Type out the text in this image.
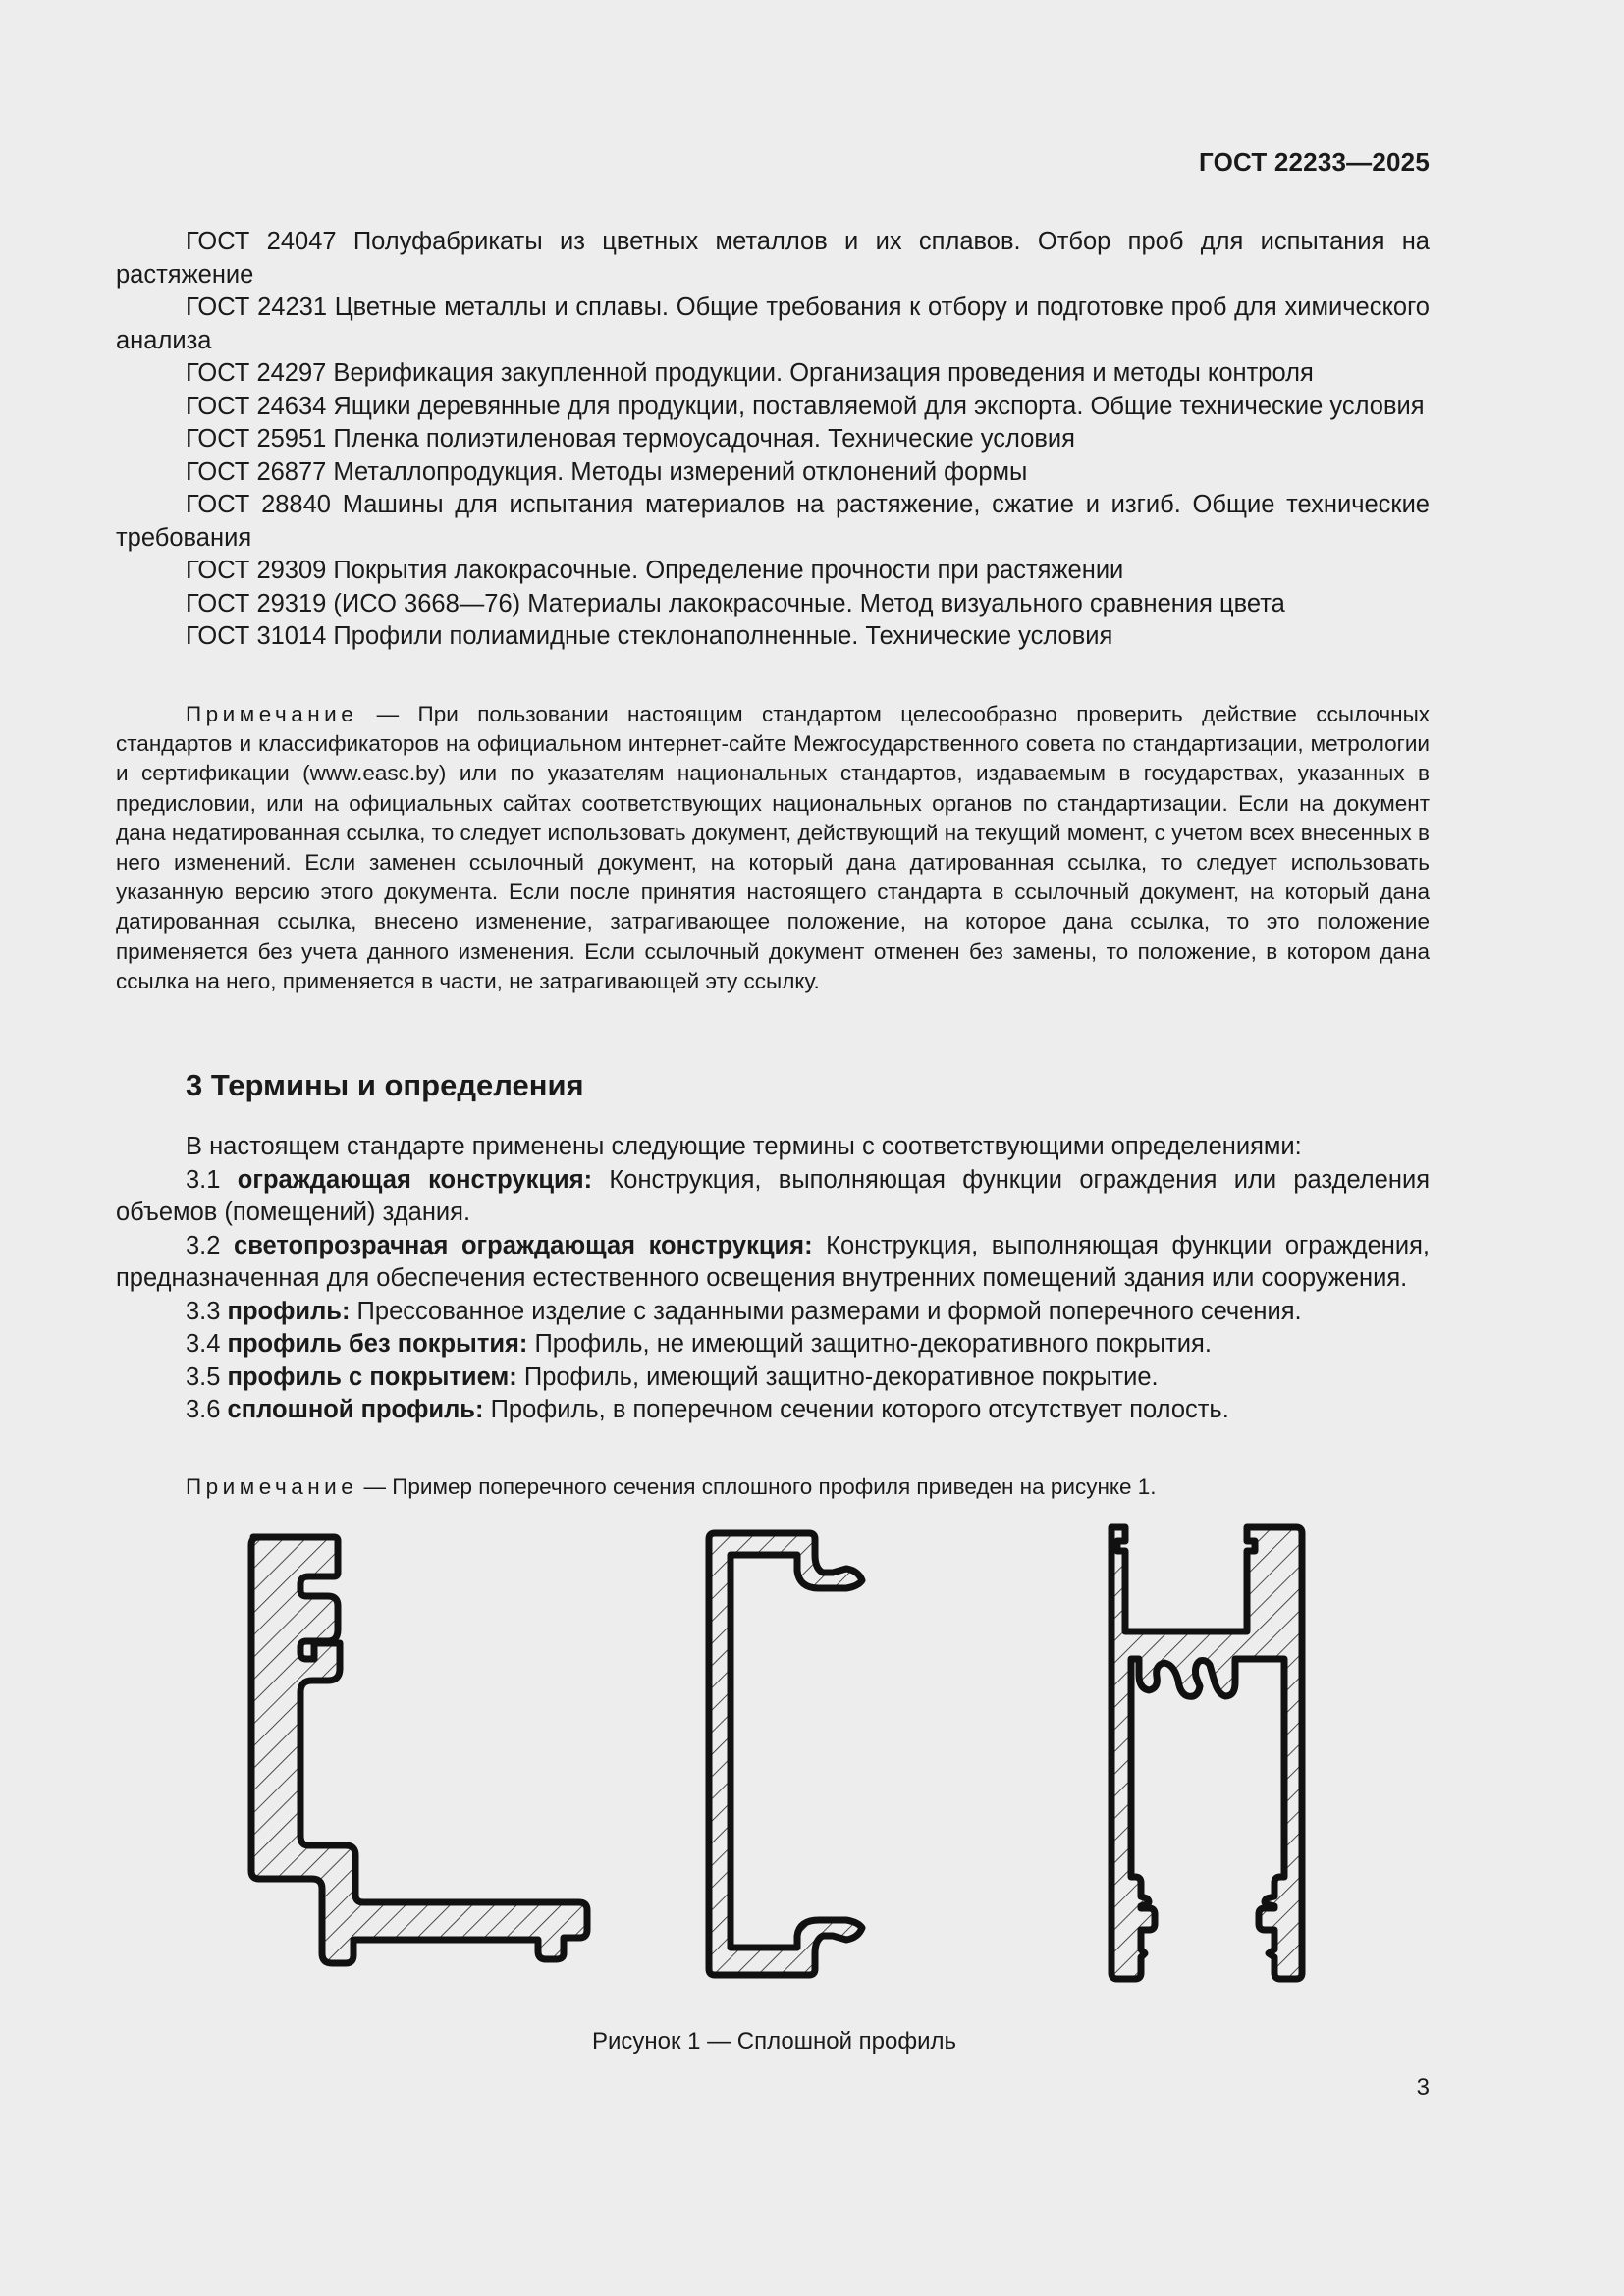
ГОСТ 22233—2025

ГОСТ 24047 Полуфабрикаты из цветных металлов и их сплавов. Отбор проб для испытания на растяжение

ГОСТ 24231 Цветные металлы и сплавы. Общие требования к отбору и подготовке проб для химического анализа

ГОСТ 24297 Верификация закупленной продукции. Организация проведения и методы контроля

ГОСТ 24634 Ящики деревянные для продукции, поставляемой для экспорта. Общие технические условия

ГОСТ 25951 Пленка полиэтиленовая термоусадочная. Технические условия

ГОСТ 26877 Металлопродукция. Методы измерений отклонений формы

ГОСТ 28840 Машины для испытания материалов на растяжение, сжатие и изгиб. Общие технические требования

ГОСТ 29309 Покрытия лакокрасочные. Определение прочности при растяжении

ГОСТ 29319 (ИСО 3668—76) Материалы лакокрасочные. Метод визуального сравнения цвета

ГОСТ 31014 Профили полиамидные стеклонаполненные. Технические условия

Примечание — При пользовании настоящим стандартом целесообразно проверить действие ссылочных стандартов и классификаторов на официальном интернет-сайте Межгосударственного совета по стандартизации, метрологии и сертификации (www.easc.by) или по указателям национальных стандартов, издаваемым в государствах, указанных в предисловии, или на официальных сайтах соответствующих национальных органов по стандартизации. Если на документ дана недатированная ссылка, то следует использовать документ, действующий на текущий момент, с учетом всех внесенных в него изменений. Если заменен ссылочный документ, на который дана датированная ссылка, то следует использовать указанную версию этого документа. Если после принятия настоящего стандарта в ссылочный документ, на который дана датированная ссылка, внесено изменение, затрагивающее положение, на которое дана ссылка, то это положение применяется без учета данного изменения. Если ссылочный документ отменен без замены, то положение, в котором дана ссылка на него, применяется в части, не затрагивающей эту ссылку.

3 Термины и определения

В настоящем стандарте применены следующие термины с соответствующими определениями:

3.1 ограждающая конструкция: Конструкция, выполняющая функции ограждения или разделения объемов (помещений) здания.

3.2 светопрозрачная ограждающая конструкция: Конструкция, выполняющая функции ограждения, предназначенная для обеспечения естественного освещения внутренних помещений здания или сооружения.

3.3 профиль: Прессованное изделие с заданными размерами и формой поперечного сечения.

3.4 профиль без покрытия: Профиль, не имеющий защитно-декоративного покрытия.

3.5 профиль с покрытием: Профиль, имеющий защитно-декоративное покрытие.

3.6 сплошной профиль: Профиль, в поперечном сечении которого отсутствует полость.

Примечание — Пример поперечного сечения сплошного профиля приведен на рисунке 1.

Рисунок 1 — Сплошной профиль
3
